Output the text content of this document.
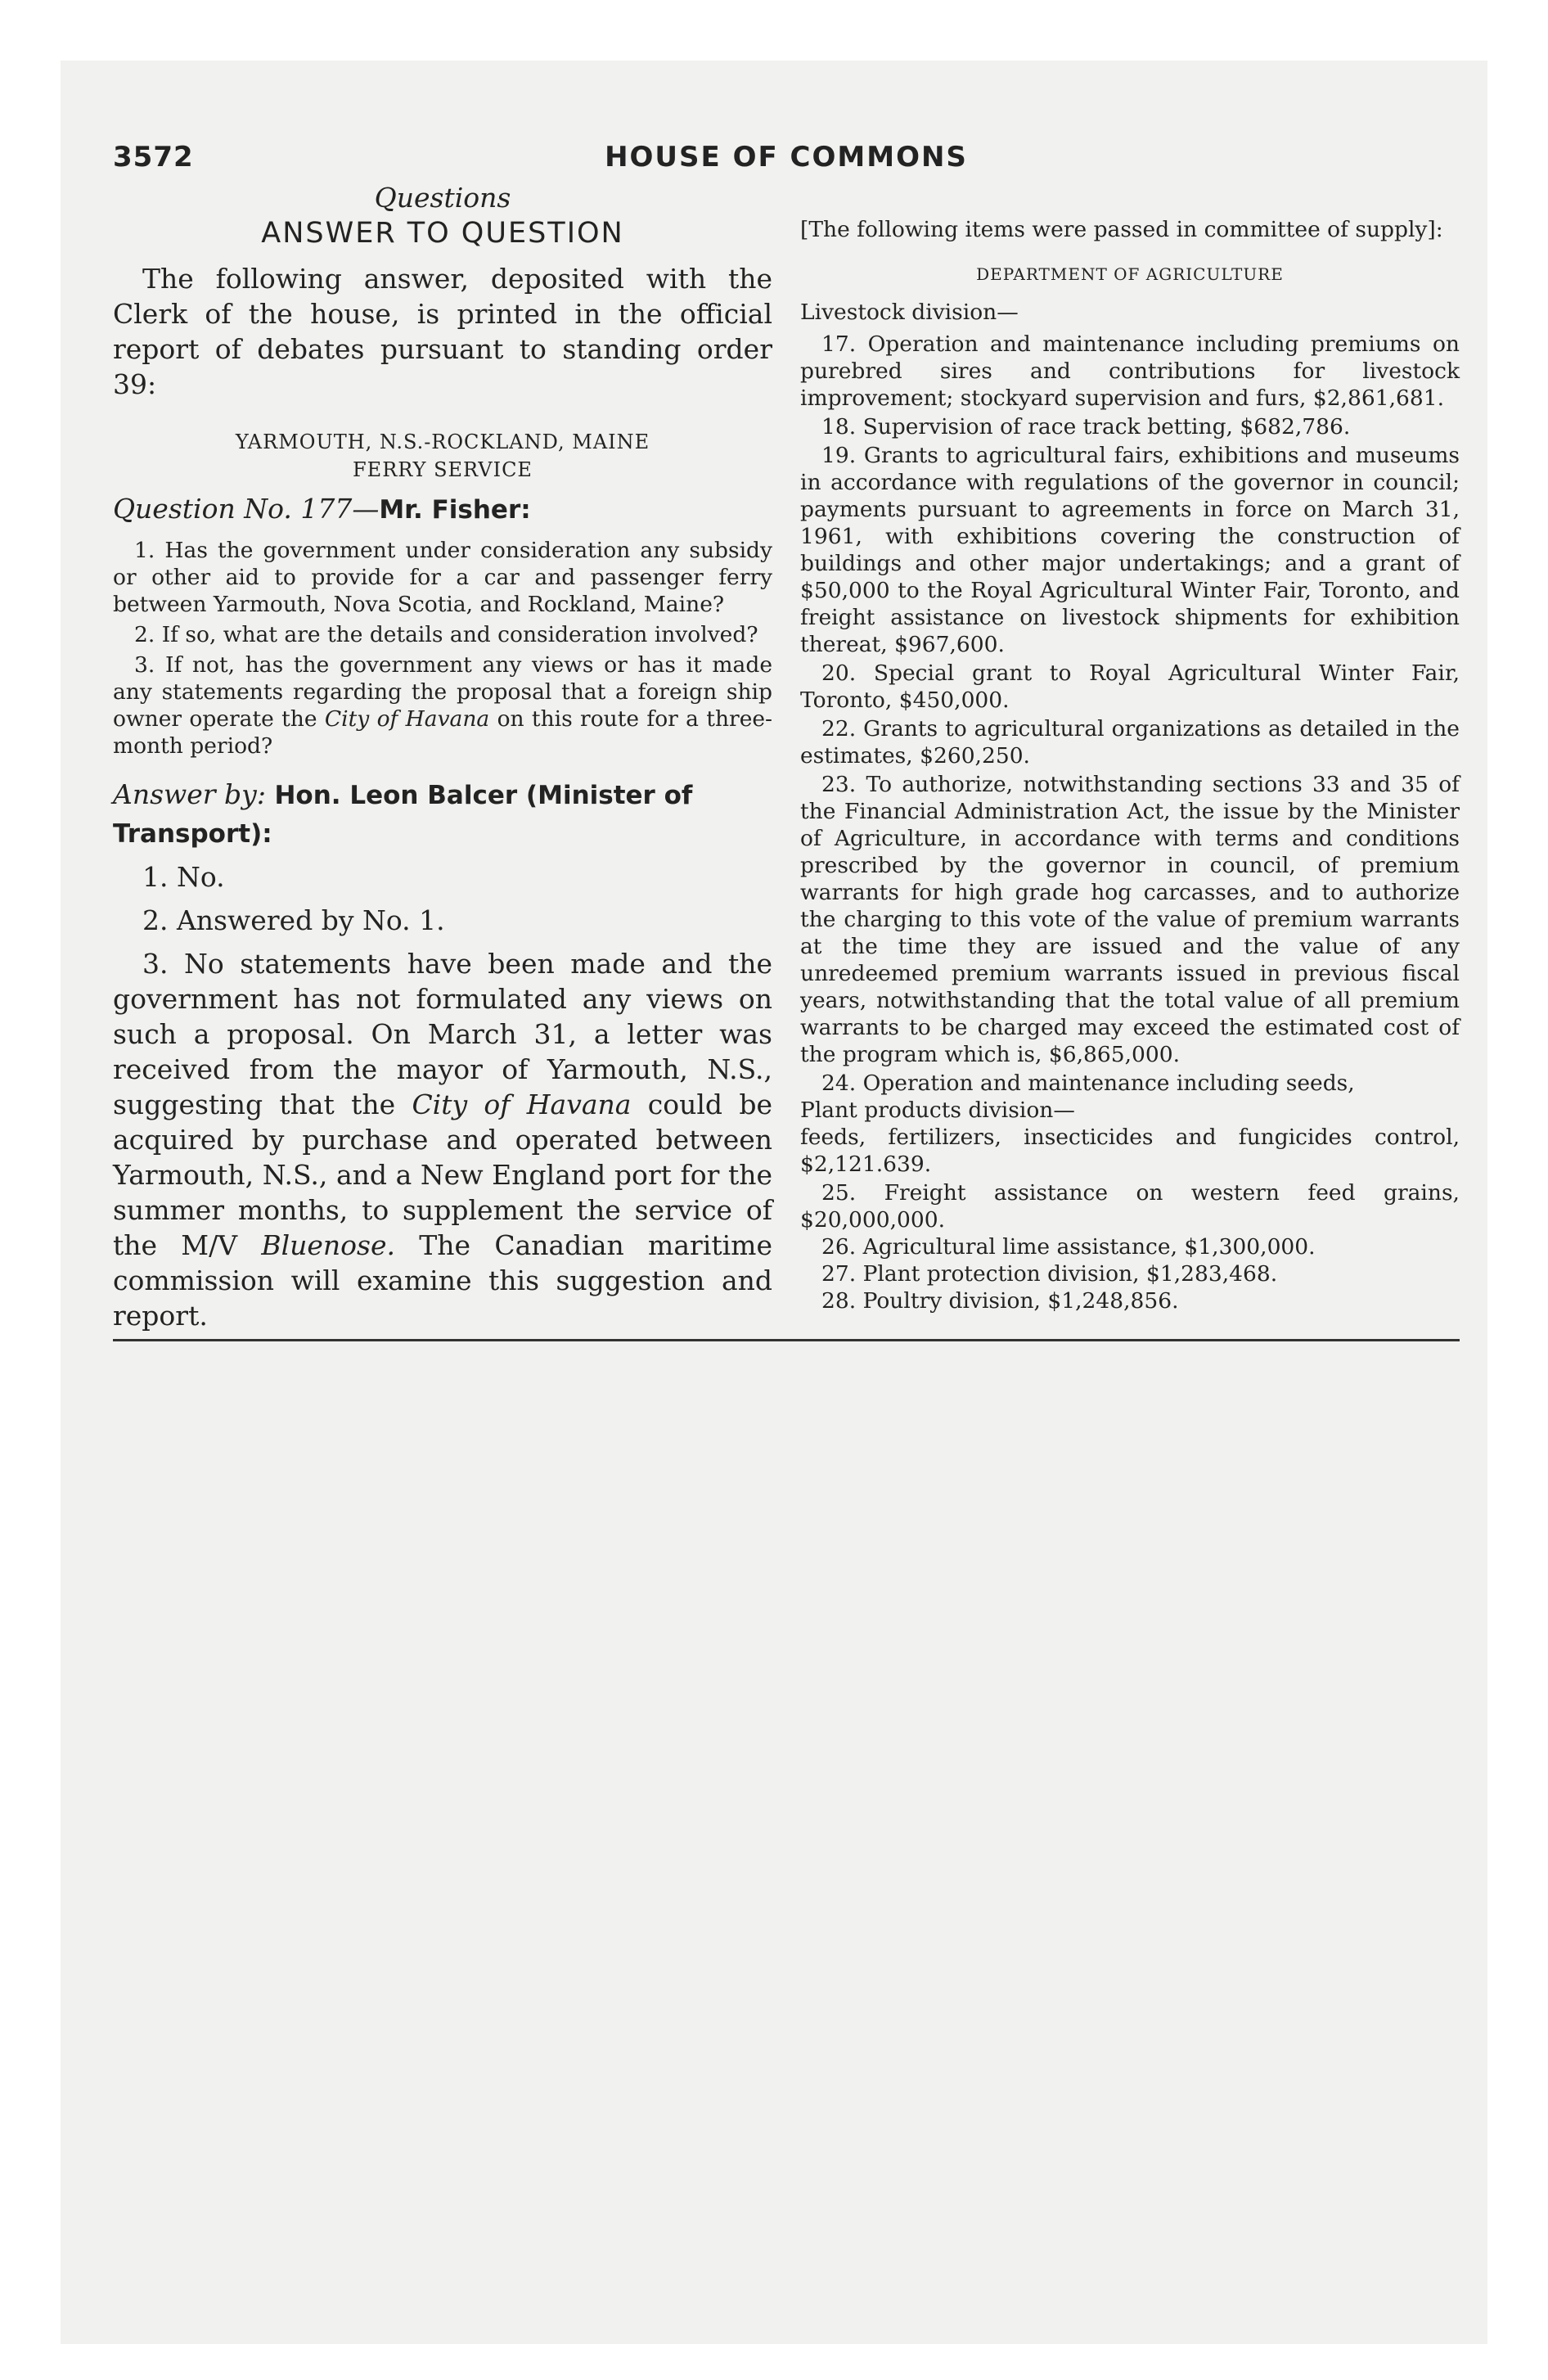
3572	HOUSE OF COMMONS
Questions
ANSWER TO QUESTION

The following answer, deposited with the Clerk of the house, is printed in the official report of debates pursuant to standing order 39:

YARMOUTH, N.S.-ROCKLAND, MAINE
FERRY SERVICE
Question No. 177—Mr. Fisher:

1. Has the government under consideration any subsidy or other aid to provide for a car and passenger ferry between Yarmouth, Nova Scotia, and Rockland, Maine?

2. If so, what are the details and consideration involved?

3. If not, has the government any views or has it made any statements regarding the proposal that a foreign ship owner operate the City of Havana on this route for a three-month period?

Answer by: Hon. Leon Balcer (Minister of Transport):

1. No.

2. Answered by No. 1.

3. No statements have been made and the government has not formulated any views on such a proposal. On March 31, a letter was received from the mayor of Yarmouth, N.S., suggesting that the City of Havana could be acquired by purchase and operated between Yarmouth, N.S., and a New England port for the summer months, to supplement the service of the M/V Bluenose. The Canadian maritime commission will examine this suggestion and report.

[The following items were passed in committee of supply]:

DEPARTMENT OF AGRICULTURE

Livestock division—

17. Operation and maintenance including premiums on purebred sires and contributions for livestock improvement; stockyard supervision and furs, $2,861,681.

18. Supervision of race track betting, $682,786.

19. Grants to agricultural fairs, exhibitions and museums in accordance with regulations of the governor in council; payments pursuant to agreements in force on March 31, 1961, with exhibitions covering the construction of buildings and other major undertakings; and a grant of $50,000 to the Royal Agricultural Winter Fair, Toronto, and freight assistance on livestock shipments for exhibition thereat, $967,600.

20. Special grant to Royal Agricultural Winter Fair, Toronto, $450,000.

22. Grants to agricultural organizations as detailed in the estimates, $260,250.

23. To authorize, notwithstanding sections 33 and 35 of the Financial Administration Act, the issue by the Minister of Agriculture, in accordance with terms and conditions prescribed by the governor in council, of premium warrants for high grade hog carcasses, and to authorize the charging to this vote of the value of premium warrants at the time they are issued and the value of any unredeemed premium warrants issued in previous fiscal years, notwithstanding that the total value of all premium warrants to be charged may exceed the estimated cost of the program which is, $6,865,000.

24. Operation and maintenance including seeds,

Plant products division—

feeds, fertilizers, insecticides and fungicides control, $2,121.639.

25. Freight assistance on western feed grains, $20,000,000.

26. Agricultural lime assistance, $1,300,000.

27. Plant protection division, $1,283,468.

28. Poultry division, $1,248,856.
